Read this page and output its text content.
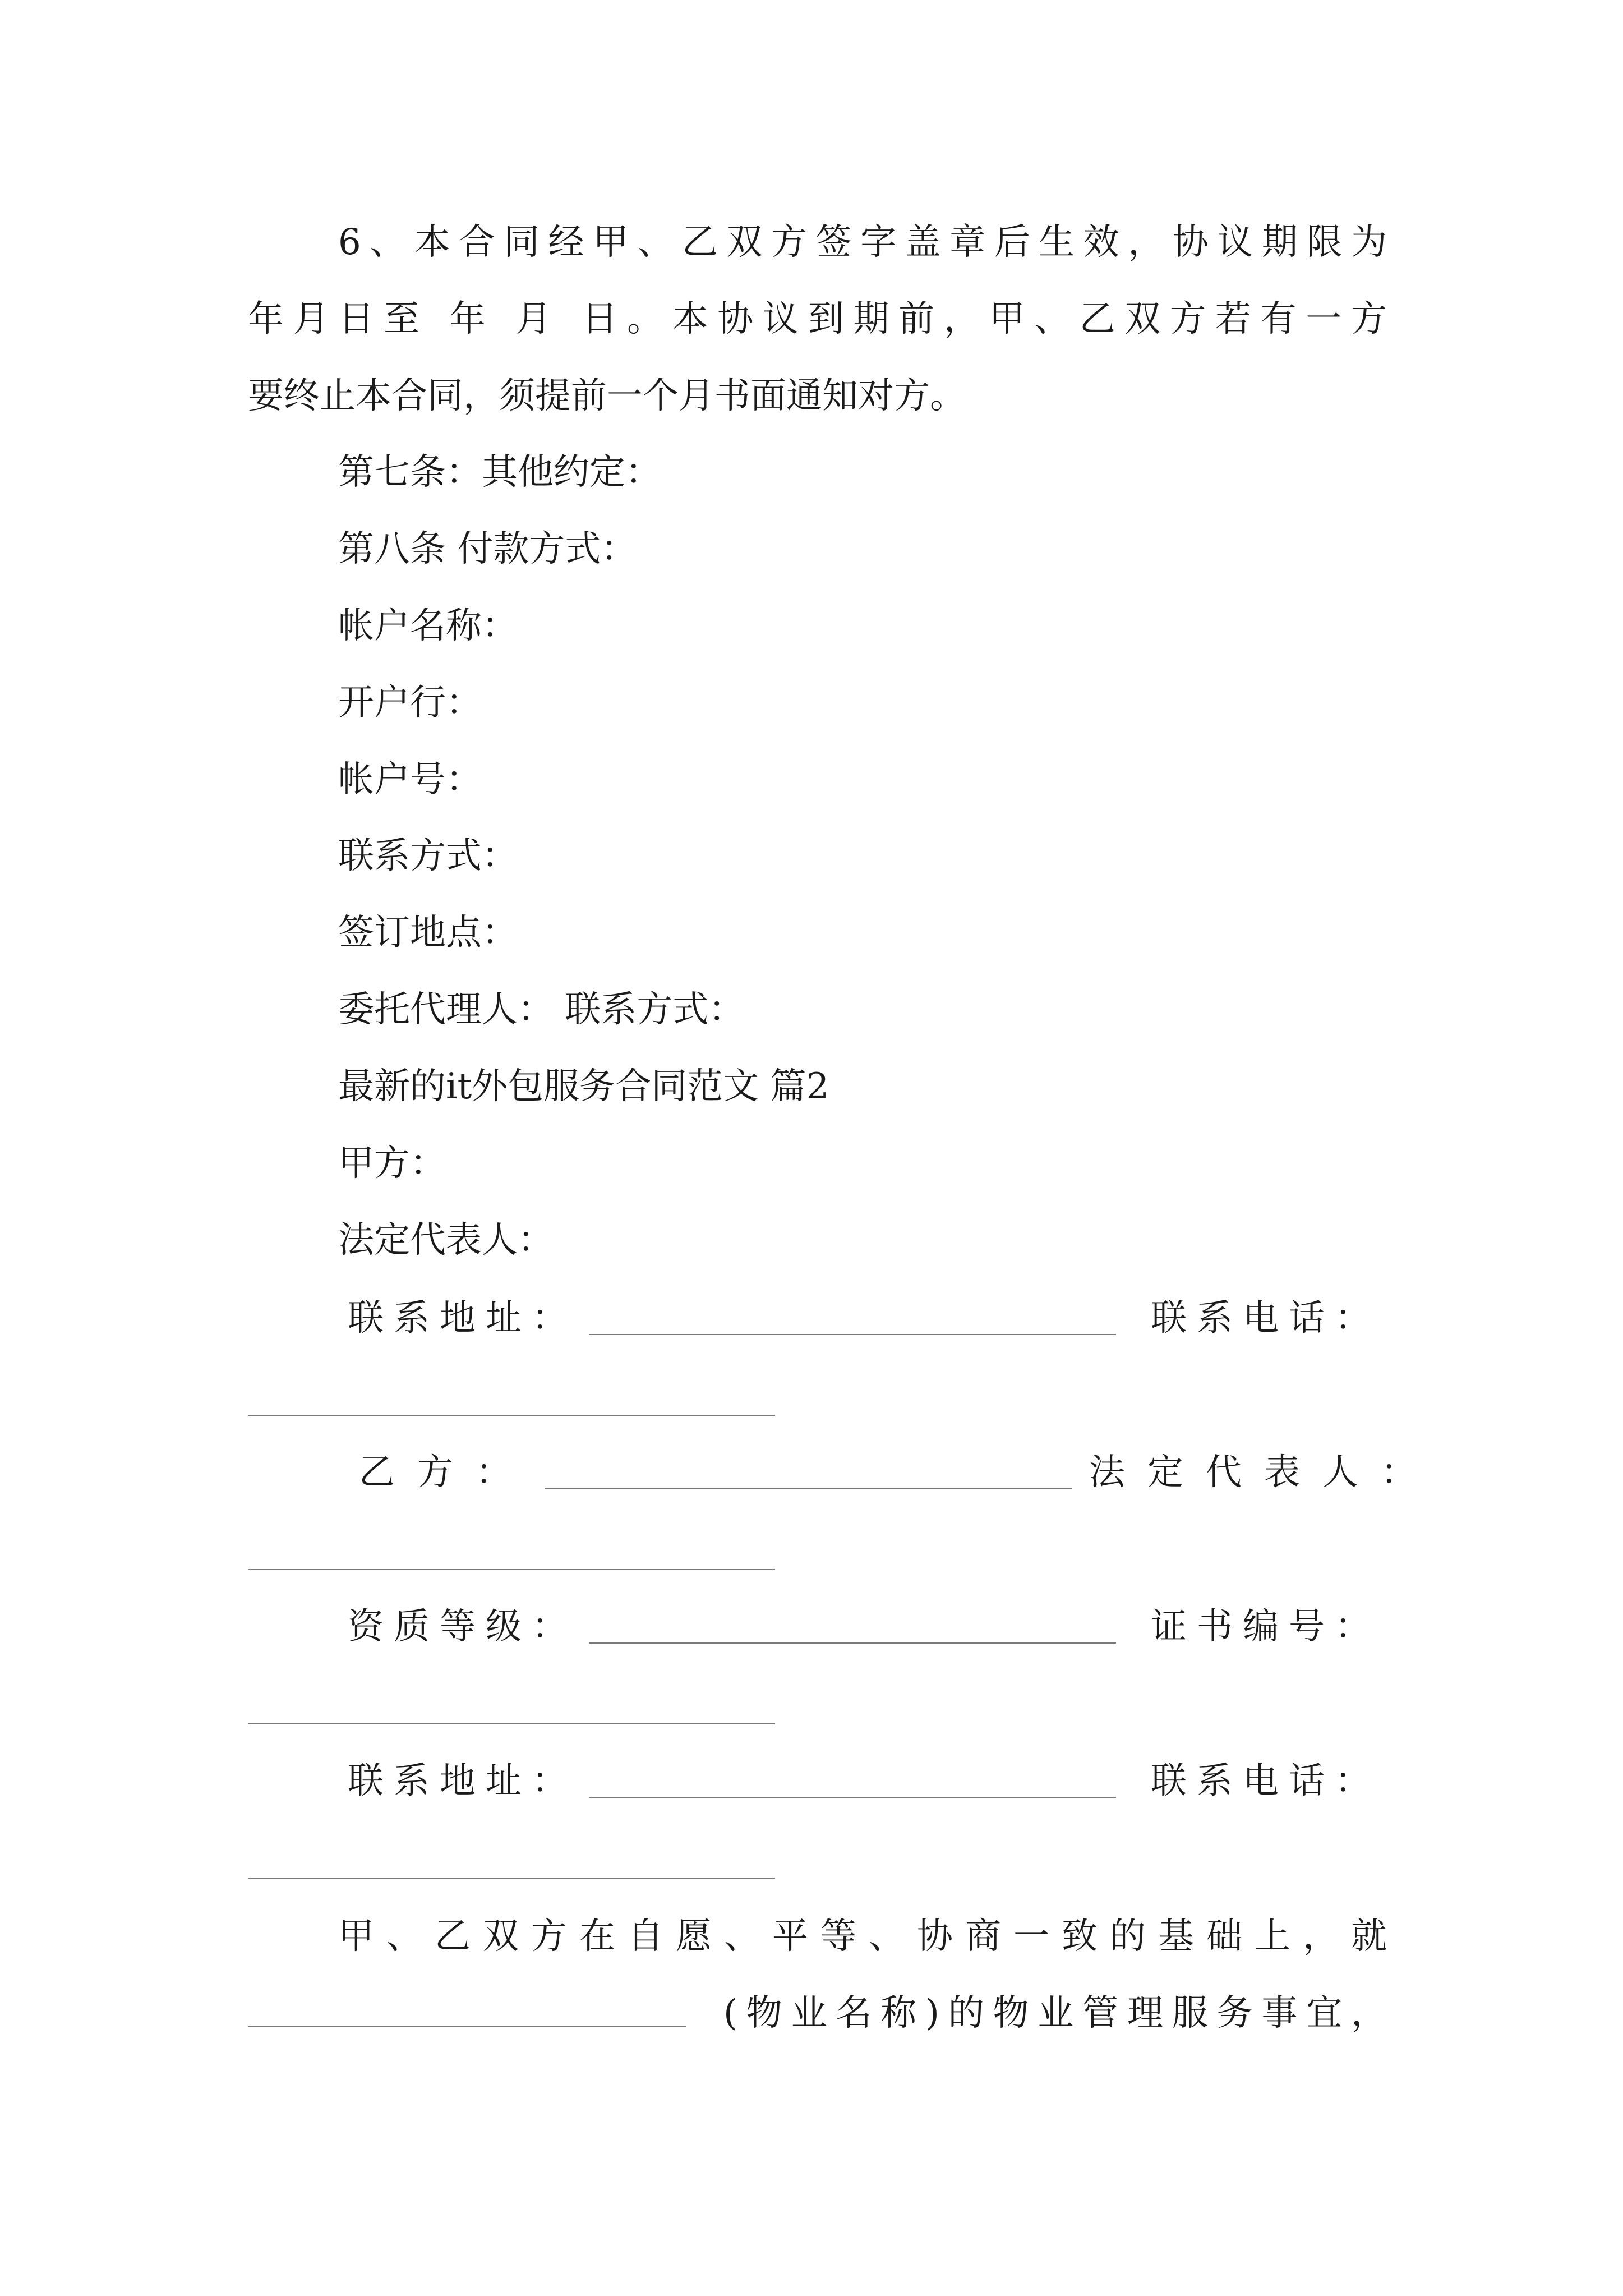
6、本合同经甲、乙双方签字盖章后生效，协议期限为
年月日至 年 月 日。本协议到期前，甲、乙双方若有一方
要终止本合同，须提前一个月书面通知对方。
第七条：其他约定：
第八条 付款方式：
帐户名称：
开户行：
帐户号：
联系方式：
签订地点：
委托代理人： 联系方式：
最新的it外包服务合同范文 篇2
甲方：
法定代表人：
联系地址：	联系电话：
乙方：	法定代表人：
资质等级：	证书编号：
联系地址：	联系电话：
甲、乙双方在自愿、平等、协商一致的基础上，就
(物业名称)的物业管理服务事宜，
